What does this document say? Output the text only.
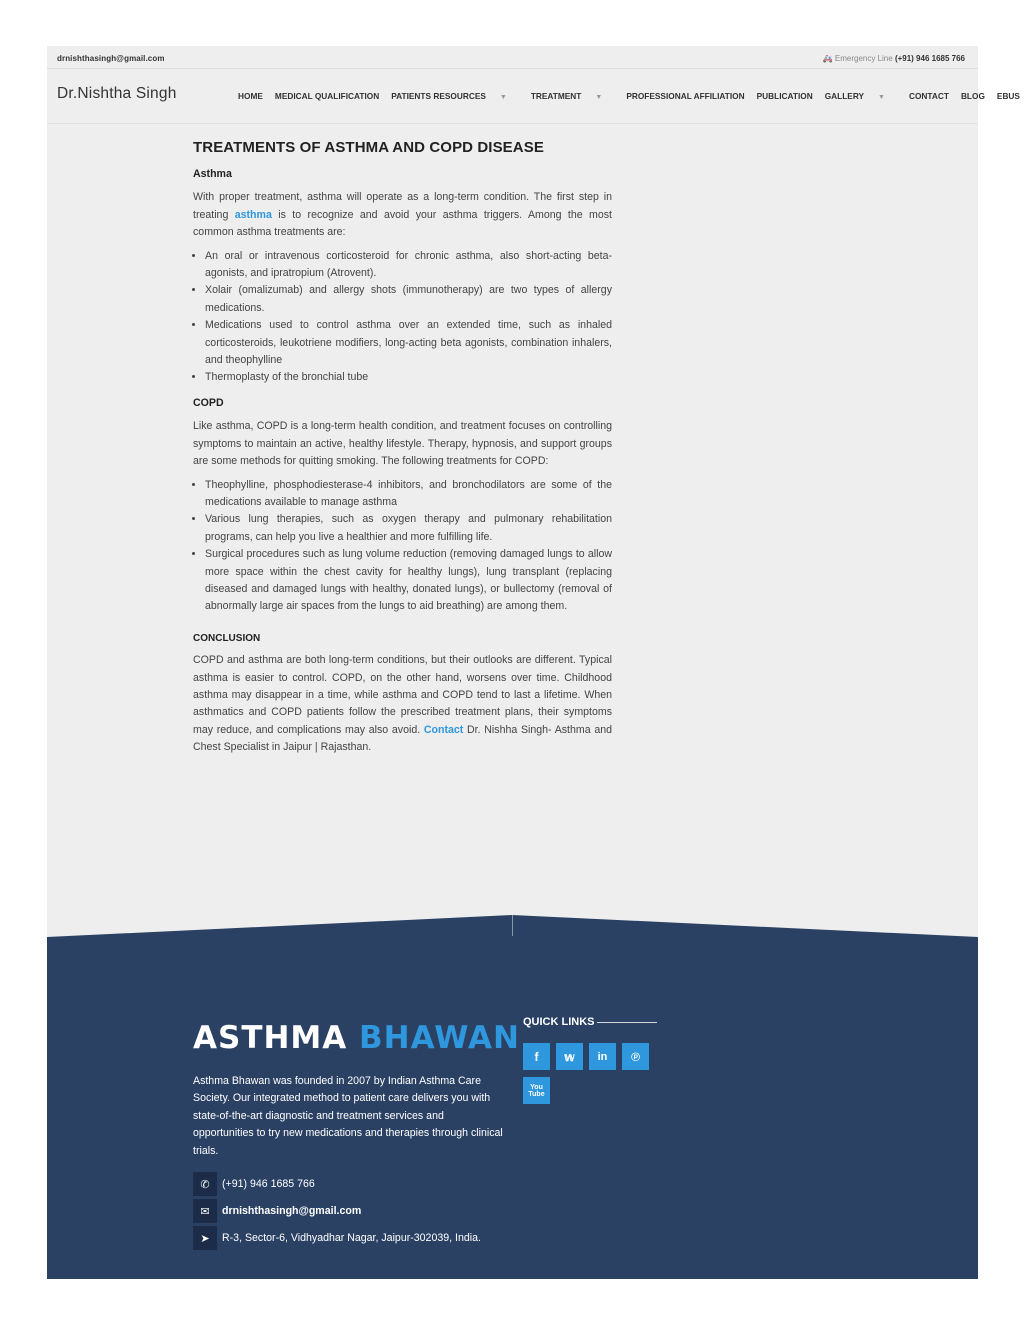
drnishthasingh@gmail.com	🚑 Emergency Line (+91) 946 1685 766
Dr.Nishtha Singh	HOME MEDICAL QUALIFICATION PATIENTS RESOURCES ▼	TREATMENT ▼	PROFESSIONAL AFFILIATION PUBLICATION GALLERY ▼	CONTACT BLOG EBUS
TREATMENTS OF ASTHMA AND COPD DISEASE
Asthma

With proper treatment, asthma will operate as a long-term condition. The first step in treating asthma is to recognize and avoid your asthma triggers. Among the most common asthma treatments are:

• An oral or intravenous corticosteroid for chronic asthma, also short-acting beta-agonists, and ipratropium (Atrovent).
• Xolair (omalizumab) and allergy shots (immunotherapy) are two types of allergy medications.
• Medications used to control asthma over an extended time, such as inhaled corticosteroids, leukotriene modifiers, long-acting beta agonists, combination inhalers, and theophylline
• Thermoplasty of the bronchial tube
COPD

Like asthma, COPD is a long-term health condition, and treatment focuses on controlling symptoms to maintain an active, healthy lifestyle. Therapy, hypnosis, and support groups are some methods for quitting smoking. The following treatments for COPD:

• Theophylline, phosphodiesterase-4 inhibitors, and bronchodilators are some of the medications available to manage asthma
• Various lung therapies, such as oxygen therapy and pulmonary rehabilitation programs, can help you live a healthier and more fulfilling life.
• Surgical procedures such as lung volume reduction (removing damaged lungs to allow more space within the chest cavity for healthy lungs), lung transplant (replacing diseased and damaged lungs with healthy, donated lungs), or bullectomy (removal of abnormally large air spaces from the lungs to aid breathing) are among them.
CONCLUSION

COPD and asthma are both long-term conditions, but their outlooks are different. Typical asthma is easier to control. COPD, on the other hand, worsens over time. Childhood asthma may disappear in a time, while asthma and COPD tend to last a lifetime. When asthmatics and COPD patients follow the prescribed treatment plans, their symptoms may reduce, and complications may also avoid. Contact Dr. Nishha Singh- Asthma and Chest Specialist in Jaipur | Rajasthan.

ASTHMA BHAWAN
Asthma Bhawan was founded in 2007 by Indian Asthma Care Society. Our integrated method to patient care delivers you with state-of-the-art diagnostic and treatment services and opportunities to try new medications and therapies through clinical trials.
✆	(+91) 946 1685 766
✉	drnishthasingh@gmail.com
➤	R-3, Sector-6, Vidhyadhar Nagar, Jaipur-302039, India.
QUICK LINKS
f	𝕨	in	℗
You
Tube
